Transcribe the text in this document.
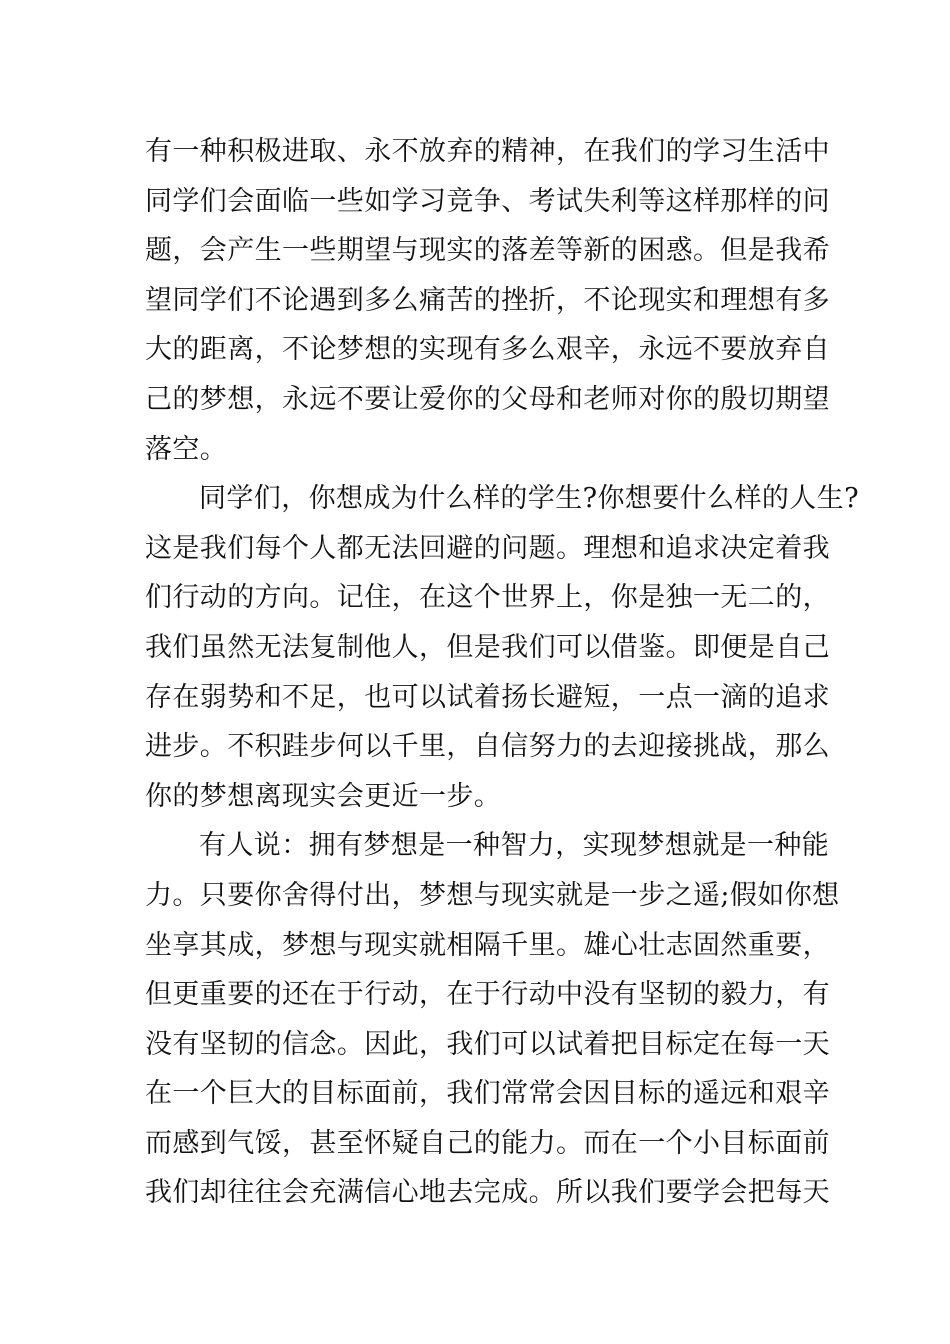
有一种积极进取、永不放弃的精神，在我们的学习生活中
同学们会面临一些如学习竞争、考试失利等这样那样的问
题，会产生一些期望与现实的落差等新的困惑。但是我希
望同学们不论遇到多么痛苦的挫折，不论现实和理想有多
大的距离，不论梦想的实现有多么艰辛，永远不要放弃自
己的梦想，永远不要让爱你的父母和老师对你的殷切期望
落空。
同学们，你想成为什么样的学生?你想要什么样的人生?
这是我们每个人都无法回避的问题。理想和追求决定着我
们行动的方向。记住，在这个世界上，你是独一无二的，
我们虽然无法复制他人，但是我们可以借鉴。即便是自己
存在弱势和不足，也可以试着扬长避短，一点一滴的追求
进步。不积跬步何以千里，自信努力的去迎接挑战，那么
你的梦想离现实会更近一步。
有人说：拥有梦想是一种智力，实现梦想就是一种能
力。只要你舍得付出，梦想与现实就是一步之遥;假如你想
坐享其成，梦想与现实就相隔千里。雄心壮志固然重要，
但更重要的还在于行动，在于行动中没有坚韧的毅力，有
没有坚韧的信念。因此，我们可以试着把目标定在每一天
在一个巨大的目标面前，我们常常会因目标的遥远和艰辛
而感到气馁，甚至怀疑自己的能力。而在一个小目标面前
我们却往往会充满信心地去完成。所以我们要学会把每天
